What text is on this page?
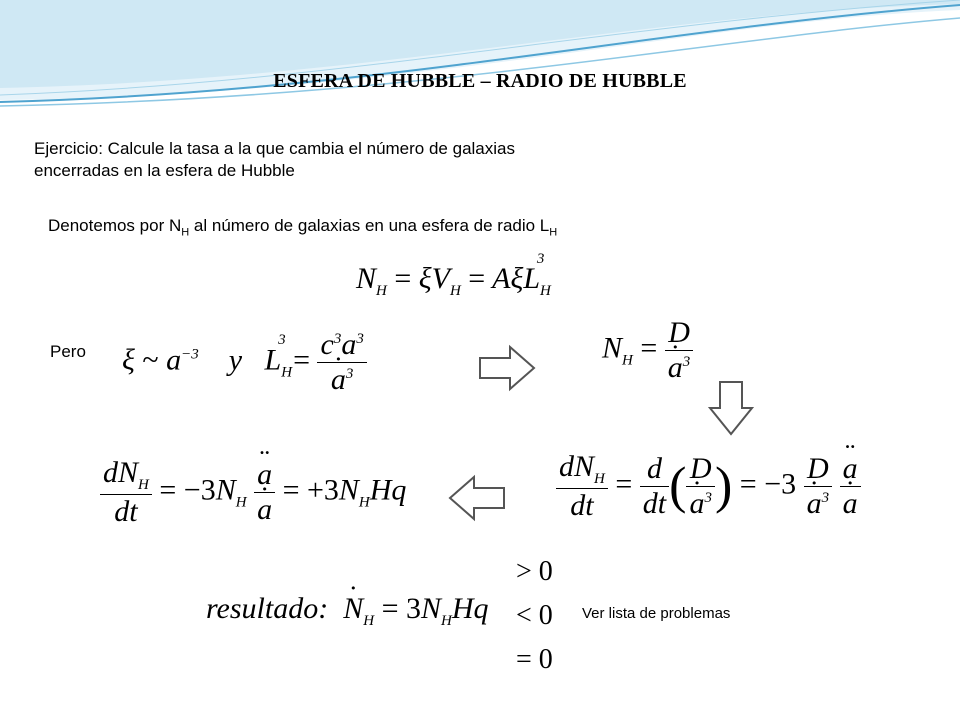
ESFERA DE HUBBLE – RADIO DE HUBBLE
Ejercicio: Calcule la tasa a la que cambia el número de galaxias
encerradas en la esfera de Hubble
Denotemos por $N_H$ al número de galaxias en una esfera de radio $L_H$
$N_H = \xi V_H = A\xi L_H^3$
Pero ξ ~ $a^{-3}$    y   $L_H^3 = c^3a^3$
˙ $a^3$	$N_H = D$
˙ $a^3$
$\frac{dN_H}{dt} = \frac{d}{dt}$ ( D
˙ $a^3$ ) = −3 D
˙ $a^3$
¨ a
˙ a
$\frac{dN_H}{dt} = -3N_H$ ¨ a
˙ $a = +3N_HHq$
resultado: ˙ $N_H = 3N_HHq$
> 0
< 0
= 0
Ver lista de problemas
